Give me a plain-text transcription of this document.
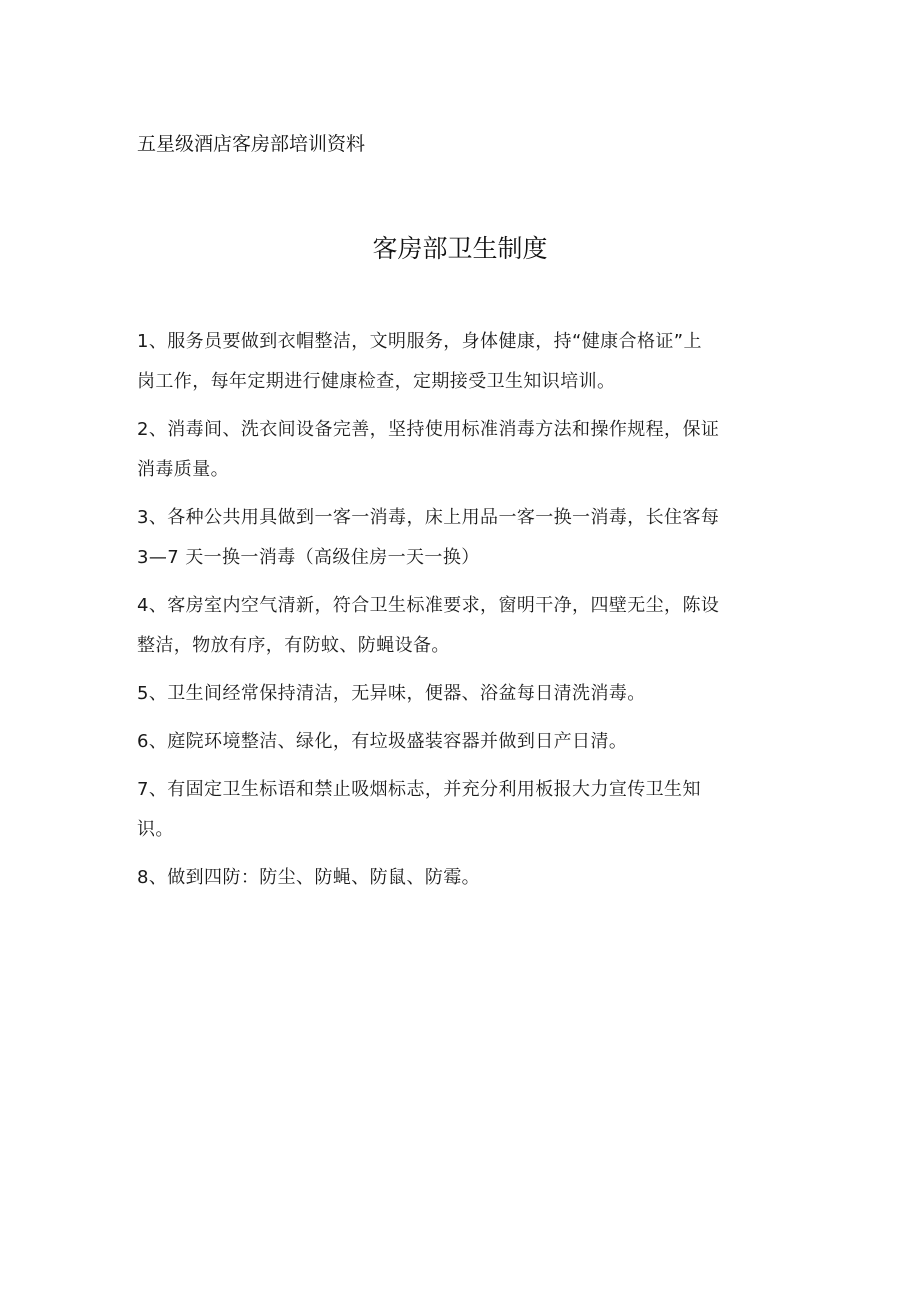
五星级酒店客房部培训资料
客房部卫生制度
1、服务员要做到衣帽整洁，文明服务，身体健康，持“健康合格证”上
岗工作，每年定期进行健康检查，定期接受卫生知识培训。
2、消毒间、洗衣间设备完善，坚持使用标准消毒方法和操作规程，保证
消毒质量。
3、各种公共用具做到一客一消毒，床上用品一客一换一消毒，长住客每
3—7 天一换一消毒（高级住房一天一换）
4、客房室内空气清新，符合卫生标准要求，窗明干净，四壁无尘，陈设
整洁，物放有序，有防蚊、防蝇设备。
5、卫生间经常保持清洁，无异味，便器、浴盆每日清洗消毒。
6、庭院环境整洁、绿化，有垃圾盛装容器并做到日产日清。
7、有固定卫生标语和禁止吸烟标志，并充分利用板报大力宣传卫生知
识。
8、做到四防：防尘、防蝇、防鼠、防霉。
